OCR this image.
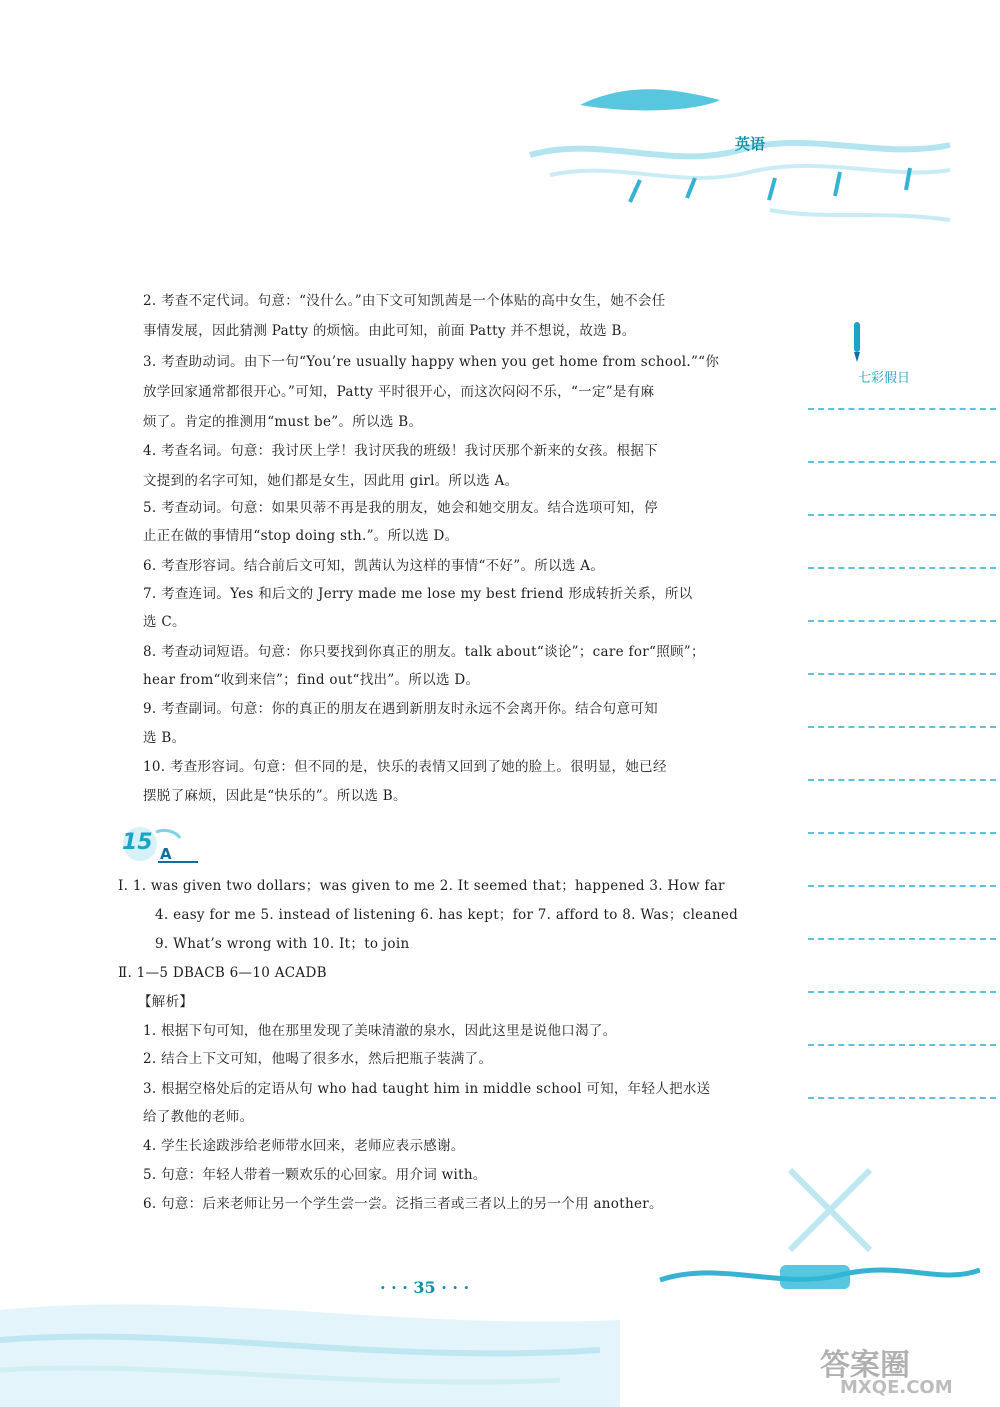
英语
七彩假日
2. 考查不定代词。句意：“没什么。”由下文可知凯茜是一个体贴的高中女生，她不会任
事情发展，因此猜测 Patty 的烦恼。由此可知，前面 Patty 并不想说，故选 B。
3. 考查助动词。由下一句“You’re usually happy when you get home from school.”“你
放学回家通常都很开心。”可知，Patty 平时很开心，而这次闷闷不乐，“一定”是有麻
烦了。肯定的推测用“must be”。所以选 B。
4. 考查名词。句意：我讨厌上学！我讨厌我的班级！我讨厌那个新来的女孩。根据下
文提到的名字可知，她们都是女生，因此用 girl。所以选 A。
5. 考查动词。句意：如果贝蒂不再是我的朋友，她会和她交朋友。结合选项可知，停
止正在做的事情用“stop doing sth.”。所以选 D。
6. 考查形容词。结合前后文可知，凯茜认为这样的事情“不好”。所以选 A。
7. 考查连词。Yes 和后文的 Jerry made me lose my best friend 形成转折关系，所以
选 C。
8. 考查动词短语。句意：你只要找到你真正的朋友。talk about“谈论”；care for“照顾”；
hear from“收到来信”；find out“找出”。所以选 D。
9. 考查副词。句意：你的真正的朋友在遇到新朋友时永远不会离开你。结合句意可知
选 B。
10. 考查形容词。句意：但不同的是，快乐的表情又回到了她的脸上。很明显，她已经
摆脱了麻烦，因此是“快乐的”。所以选 B。
15 A
Ⅰ. 1. was given two dollars；was given to me 2. It seemed that；happened 3. How far
4. easy for me 5. instead of listening 6. has kept；for 7. afford to 8. Was；cleaned
9. What’s wrong with 10. It；to join
Ⅱ. 1—5 DBACB 6—10 ACADB
【解析】
1. 根据下句可知，他在那里发现了美味清澈的泉水，因此这里是说他口渴了。
2. 结合上下文可知，他喝了很多水，然后把瓶子装满了。
3. 根据空格处后的定语从句 who had taught him in middle school 可知，年轻人把水送
给了教他的老师。
4. 学生长途跋涉给老师带水回来，老师应表示感谢。
5. 句意：年轻人带着一颗欢乐的心回家。用介词 with。
6. 句意：后来老师让另一个学生尝一尝。泛指三者或三者以上的另一个用 another。
· · · 35 · · ·
答案圈
MXQE.COM
